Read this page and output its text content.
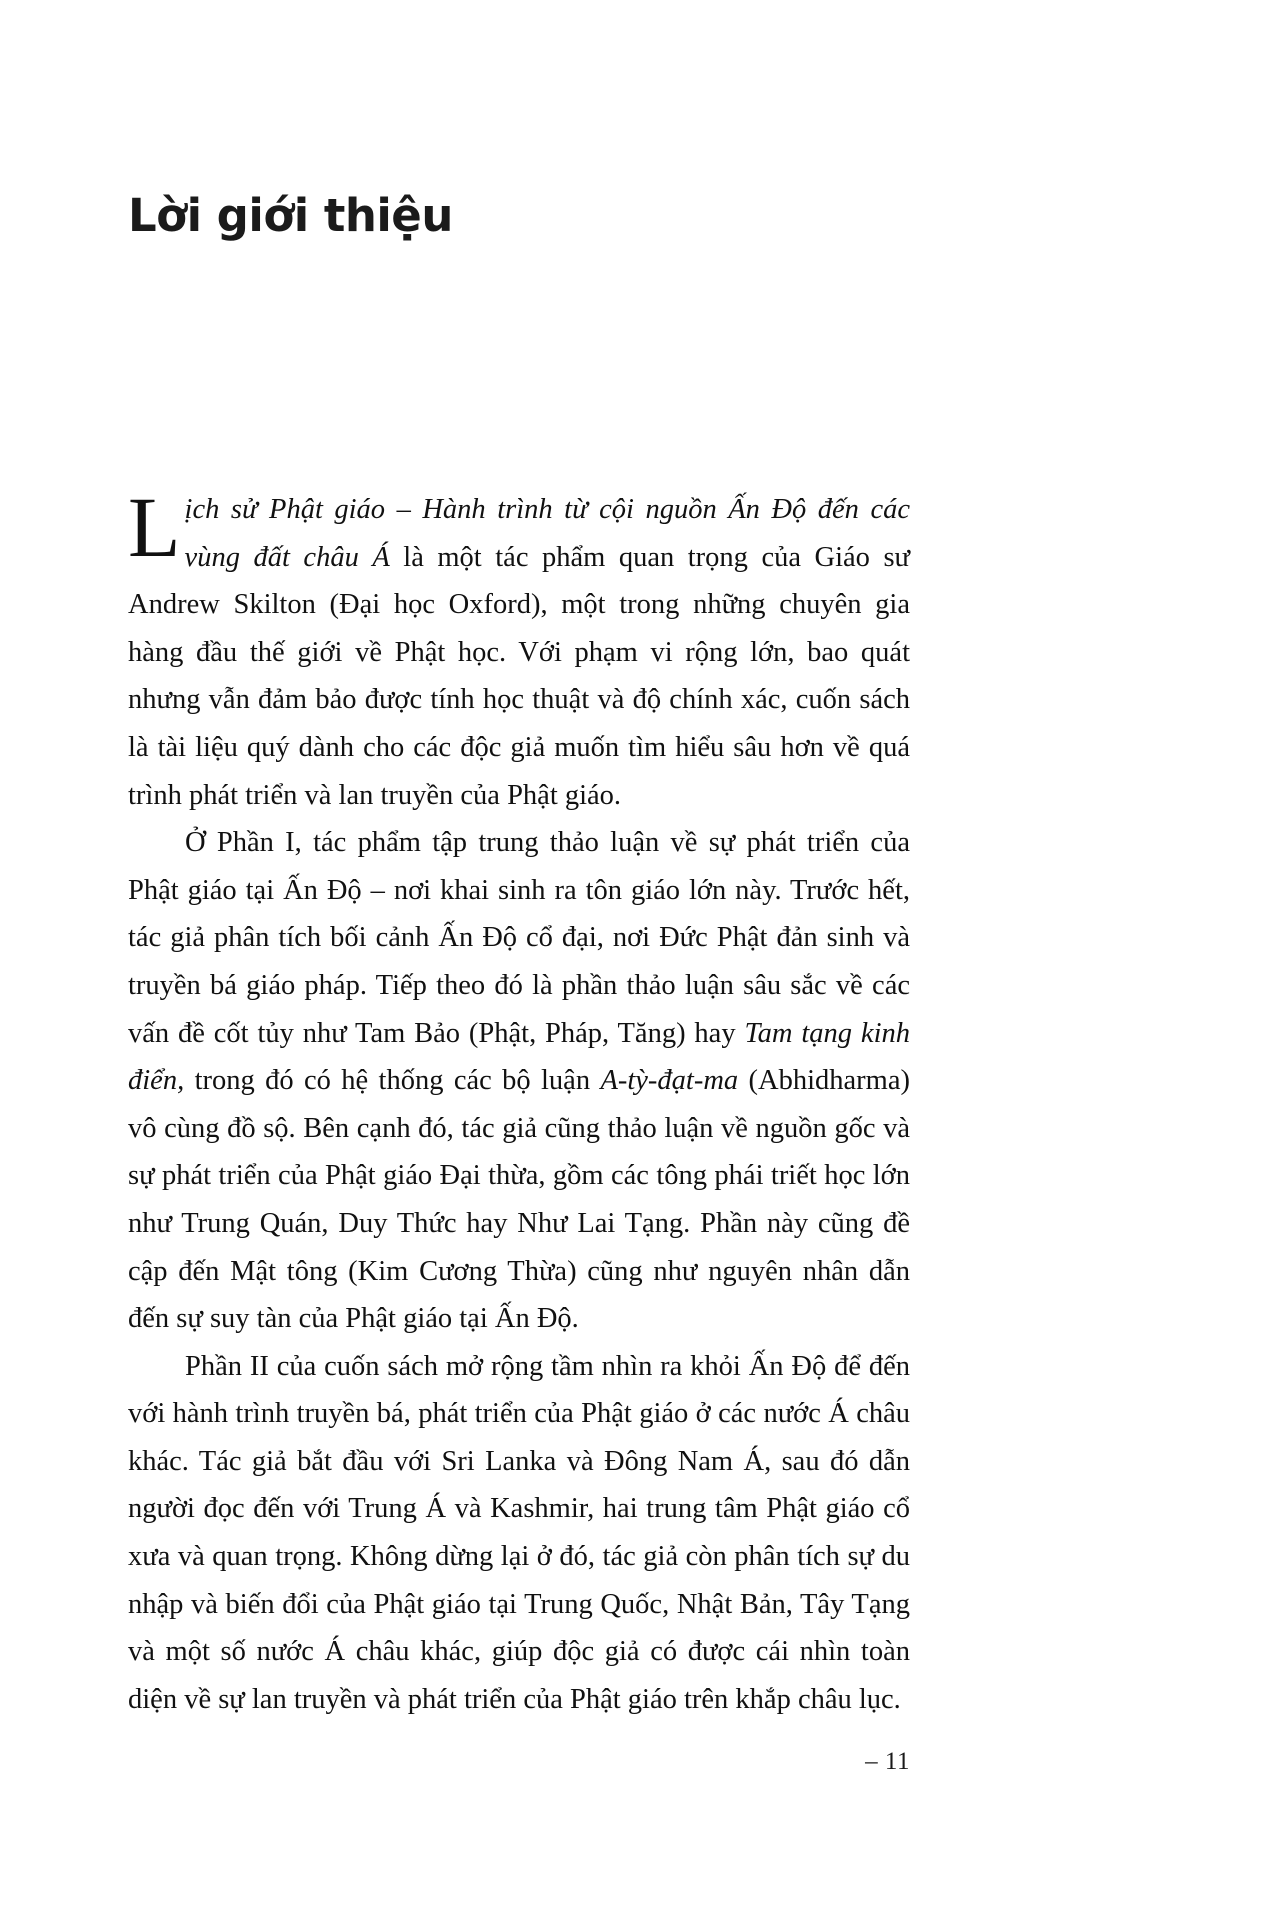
Lời giới thiệu

Lịch sử Phật giáo – Hành trình từ cội nguồn Ấn Độ đến các vùng đất châu Á là một tác phẩm quan trọng của Giáo sư Andrew Skilton (Đại học Oxford), một trong những chuyên gia hàng đầu thế giới về Phật học. Với phạm vi rộng lớn, bao quát nhưng vẫn đảm bảo được tính học thuật và độ chính xác, cuốn sách là tài liệu quý dành cho các độc giả muốn tìm hiểu sâu hơn về quá trình phát triển và lan truyền của Phật giáo.

Ở Phần I, tác phẩm tập trung thảo luận về sự phát triển của Phật giáo tại Ấn Độ – nơi khai sinh ra tôn giáo lớn này. Trước hết, tác giả phân tích bối cảnh Ấn Độ cổ đại, nơi Đức Phật đản sinh và truyền bá giáo pháp. Tiếp theo đó là phần thảo luận sâu sắc về các vấn đề cốt tủy như Tam Bảo (Phật, Pháp, Tăng) hay Tam tạng kinh điển, trong đó có hệ thống các bộ luận A-tỳ-đạt-ma (Abhidharma) vô cùng đồ sộ. Bên cạnh đó, tác giả cũng thảo luận về nguồn gốc và sự phát triển của Phật giáo Đại thừa, gồm các tông phái triết học lớn như Trung Quán, Duy Thức hay Như Lai Tạng. Phần này cũng đề cập đến Mật tông (Kim Cương Thừa) cũng như nguyên nhân dẫn đến sự suy tàn của Phật giáo tại Ấn Độ.

Phần II của cuốn sách mở rộng tầm nhìn ra khỏi Ấn Độ để đến với hành trình truyền bá, phát triển của Phật giáo ở các nước Á châu khác. Tác giả bắt đầu với Sri Lanka và Đông Nam Á, sau đó dẫn người đọc đến với Trung Á và Kashmir, hai trung tâm Phật giáo cổ xưa và quan trọng. Không dừng lại ở đó, tác giả còn phân tích sự du nhập và biến đổi của Phật giáo tại Trung Quốc, Nhật Bản, Tây Tạng và một số nước Á châu khác, giúp độc giả có được cái nhìn toàn diện về sự lan truyền và phát triển của Phật giáo trên khắp châu lục.

– 11
